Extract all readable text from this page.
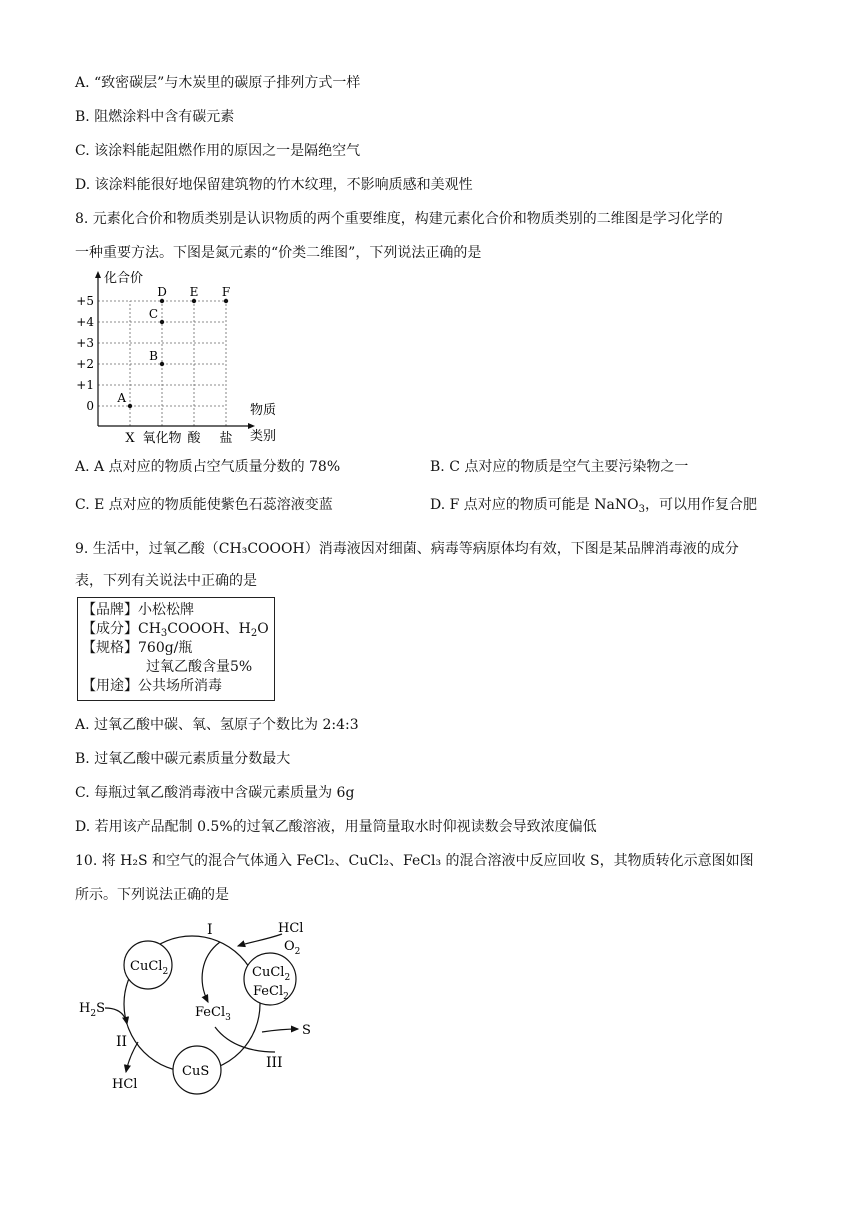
A. “致密碳层”与木炭里的碳原子排列方式一样
B. 阻燃涂料中含有碳元素
C. 该涂料能起阻燃作用的原因之一是隔绝空气
D. 该涂料能很好地保留建筑物的竹木纹理，不影响质感和美观性
8. 元素化合价和物质类别是认识物质的两个重要维度，构建元素化合价和物质类别的二维图是学习化学的
一种重要方法。下图是氮元素的“价类二维图”，下列说法正确的是
化合价
物质
类别
0
+1
+2
+3
+4
+5
X 氧化物 酸 盐
A
B
C
D E F
A. A 点对应的物质占空气质量分数的 78%	B. C 点对应的物质是空气主要污染物之一
C. E 点对应的物质能使紫色石蕊溶液变蓝	D. F 点对应的物质可能是 NaNO$_3$，可以用作复合肥
9. 生活中，过氧乙酸（CH₃COOOH）消毒液因对细菌、病毒等病原体均有效，下图是某品牌消毒液的成分
表，下列有关说法中正确的是
【品牌】小松松牌
【成分】$CH_3COOOH$、$H_2O$
【规格】760g/瓶
过氧乙酸含量5%
【用途】公共场所消毒
A. 过氧乙酸中碳、氧、氢原子个数比为 2:4:3
B. 过氧乙酸中碳元素质量分数最大
C. 每瓶过氧乙酸消毒液中含碳元素质量为 6g
D. 若用该产品配制 0.5%的过氧乙酸溶液，用量筒量取水时仰视读数会导致浓度偏低
10. 将 H₂S 和空气的混合气体通入 FeCl₂、CuCl₂、FeCl₃ 的混合溶液中反应回收 S，其物质转化示意图如图
所示。下列说法正确的是
CuCl$_2$	CuCl$_2$
FeCl$_2$
CuS
FeCl$_3$
HCl
$O_2$
$H_2S$
HCl
S
I
II
III
